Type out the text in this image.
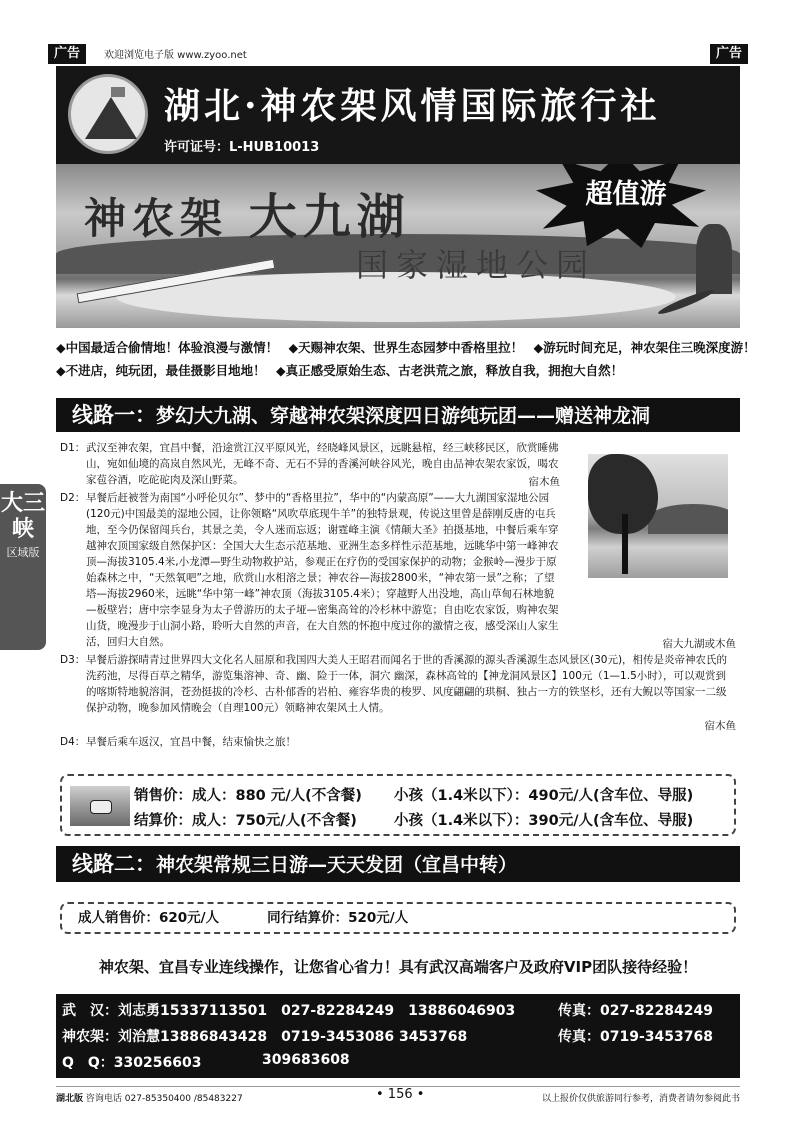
广告	欢迎浏览电子版 www.zyoo.net	广告
湖北·神农架风情国际旅行社
许可证号：L-HUB10013
神农架 大九湖
国家湿地公园
超值游
◆中国最适合偷情地！体验浪漫与激情！ ◆天赐神农架、世界生态园梦中香格里拉！ ◆游玩时间充足，神农架住三晚深度游！
◆不进店，纯玩团，最佳摄影目地地！ ◆真正感受原始生态、古老洪荒之旅，释放自我，拥抱大自然！
线路一：梦幻大九湖、穿越神农架深度四日游纯玩团——赠送神龙洞
大三峡
区域版
D1： 武汉至神农架，宜昌中餐，沿途赏江汉平原风光，经晓峰风景区，远眺悬棺，经三峡移民区，欣赏睡佛山，宛如仙境的高岚自然风光，无峰不奇、无石不异的香溪河峡谷风光，晚自由品神农架农家饭，喝农家苞谷酒，吃砣砣肉及深山野菜。	宿木鱼
D2： 早餐后赶被誉为南国“小呼伦贝尔”、梦中的“香格里拉”，华中的“内蒙高原”——大九湖国家湿地公园(120元)中国最美的湿地公园，让你领略“风吹草底现牛羊”的独特景观，传说这里曾是薛刚反唐的屯兵地，至今仍保留闯兵台，其景之美，令人迷而忘返；谢霆峰主演《情颠大圣》拍摄基地，中餐后乘车穿越神农顶国家级自然保护区：全国大大生态示范基地、亚洲生态多样性示范基地，远眺华中第一峰神农顶—海拔3105.4米,小龙潭—野生动物救护站，参观正在疗伤的受国家保护的动物；金猴岭—漫步于原始森林之中，“天然氧吧”之地，欣赏山水相溶之景；神农谷—海拔2800米，“神农第一景”之称；了望塔—海拔2960米，远眺“华中第一峰”神农顶（海拔3105.4米）；穿越野人出没地，高山草甸石林地貌—板壁岩；唐中宗李显身为太子曾游历的太子垭—密集高耸的冷杉林中游览；自由吃农家饭，购神农架山货，晚漫步于山洞小路，聆听大自然的声音，在大自然的怀抱中度过你的激情之夜，感受深山人家生活，回归大自然。	宿大九湖或木鱼
D3： 早餐后游探晴青过世界四大文化名人屈原和我国四大美人王昭君而闻名于世的香溪源的源头香溪源生态风景区(30元)，相传是炎帝神农氏的洗药池，尽得百草之精华，游览集溶神、奇、幽、险于一体，洞穴 幽深，森林高耸的【神龙洞风景区】100元（1—1.5小时），可以观赏到的喀斯特地貌溶洞，苍劲挺拔的冷杉、古朴郁香的岩柏、雍容华贵的梭罗、风度翩翩的珙桐、独占一方的铁坚杉，还有大鲵以等国家一二级保护动物，晚参加风情晚会（自理100元）领略神农架风土人情。
宿木鱼
D4： 早餐后乘车返汉，宜昌中餐，结束愉快之旅！
销售价：成人：880 元/人(不含餐) 小孩（1.4米以下）：490元/人(含车位、导服)
结算价：成人：750元/人(不含餐)	小孩（1.4米以下）：390元/人(含车位、导服)
线路二：神农架常规三日游—天天发团（宜昌中转）
成人销售价：620元/人	同行结算价：520元/人
神农架、宜昌专业连线操作，让您省心省力！具有武汉高端客户及政府VIP团队接待经验！
武　汉：刘志勇15337113501　027-82284249　13886046903	传真：027-82284249
神农架：刘治慧13886843428　0719-3453086 3453768	传真：0719-3453768
Q　Q：330256603	309683608
湖北版 咨询电话 027-85350400 /85483227	• 156 •	以上报价仅供旅游同行参考，消费者请勿参阅此书
